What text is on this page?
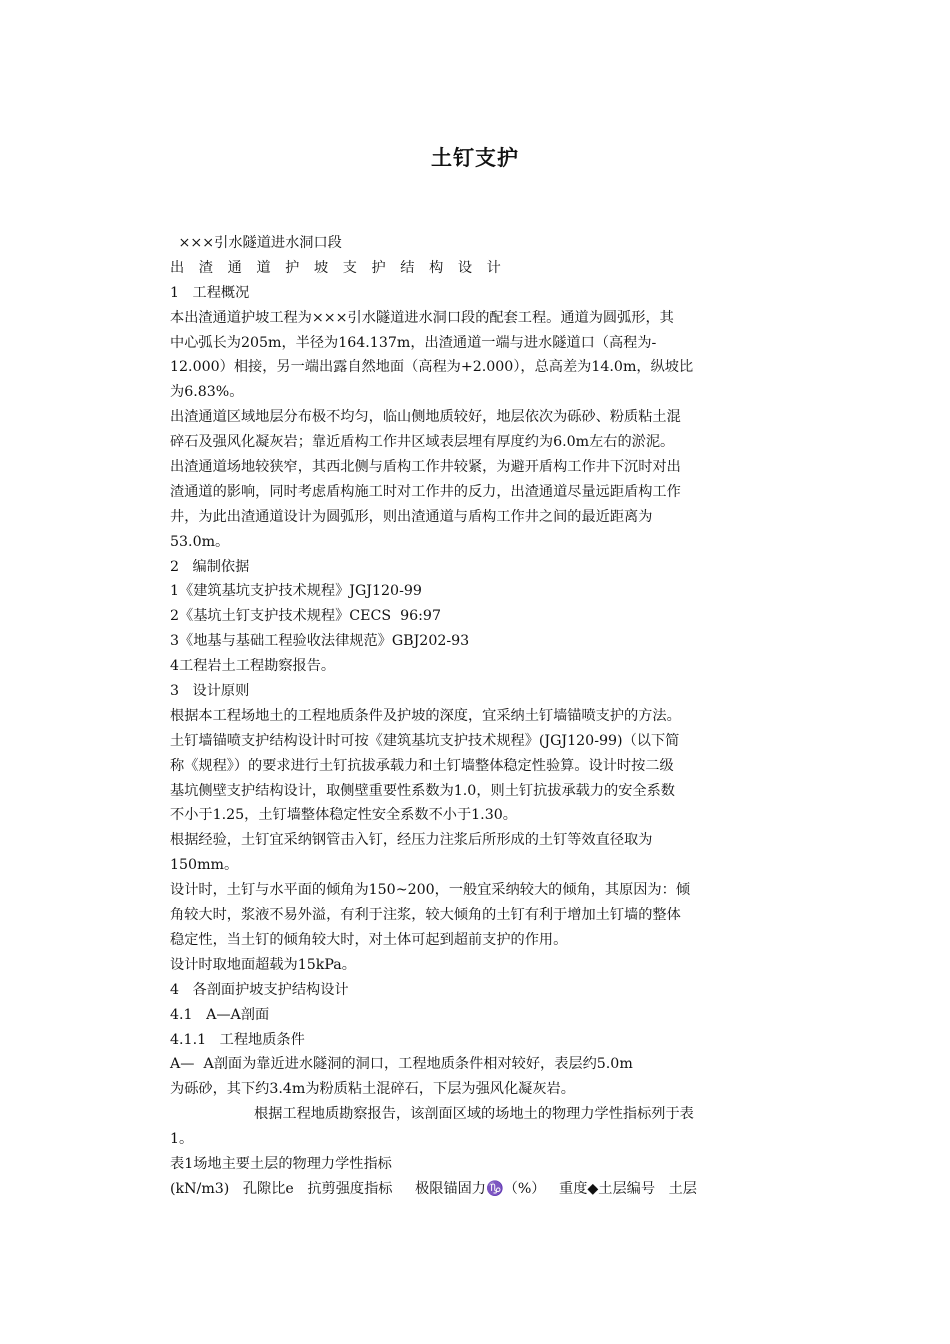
土钉支护
×××引水隧道进水洞口段
出渣通道护坡支护结构设计
1   工程概况
本出渣通道护坡工程为×××引水隧道进水洞口段的配套工程。通道为圆弧形，其
中心弧长为205m，半径为164.137m，出渣通道一端与进水隧道口（高程为-
12.000）相接，另一端出露自然地面（高程为+2.000），总高差为14.0m，纵坡比
为6.83%。
出渣通道区域地层分布极不均匀，临山侧地质较好，地层依次为砾砂、粉质粘土混
碎石及强风化凝灰岩；靠近盾构工作井区域表层埋有厚度约为6.0m左右的淤泥。
出渣通道场地较狭窄，其西北侧与盾构工作井较紧，为避开盾构工作井下沉时对出
渣通道的影响，同时考虑盾构施工时对工作井的反力，出渣通道尽量远距盾构工作
井，为此出渣通道设计为圆弧形，则出渣通道与盾构工作井之间的最近距离为
53.0m。
2   编制依据
1《建筑基坑支护技术规程》JGJ120-99
2《基坑土钉支护技术规程》CECS  96:97
3《地基与基础工程验收法律规范》GBJ202-93
4工程岩土工程勘察报告。
3   设计原则
根据本工程场地土的工程地质条件及护坡的深度，宜采纳土钉墙锚喷支护的方法。
土钉墙锚喷支护结构设计时可按《建筑基坑支护技术规程》(JGJ120-99)（以下简
称《规程》）的要求进行土钉抗拔承载力和土钉墙整体稳定性验算。设计时按二级
基坑侧壁支护结构设计，取侧壁重要性系数为1.0，则土钉抗拔承载力的安全系数
不小于1.25，土钉墙整体稳定性安全系数不小于1.30。
根据经验，土钉宜采纳钢管击入钉，经压力注浆后所形成的土钉等效直径取为
150mm。
设计时，土钉与水平面的倾角为150~200，一般宜采纳较大的倾角，其原因为：倾
角较大时，浆液不易外溢，有利于注浆，较大倾角的土钉有利于增加土钉墙的整体
稳定性，当土钉的倾角较大时，对土体可起到超前支护的作用。
设计时取地面超载为15kPa。
4   各剖面护坡支护结构设计
4.1   A—A剖面
4.1.1   工程地质条件
A—  A剖面为靠近进水隧洞的洞口，工程地质条件相对较好，表层约5.0m
为砾砂，其下约3.4m为粉质粘土混碎石，下层为强风化凝灰岩。
根据工程地质勘察报告，该剖面区域的场地土的物理力学性指标列于表
1。
表1场地主要土层的物理力学性指标
(kN/m3)   孔隙比e   抗剪强度指标     极限锚固力♑（%）   重度◆土层编号   土层
